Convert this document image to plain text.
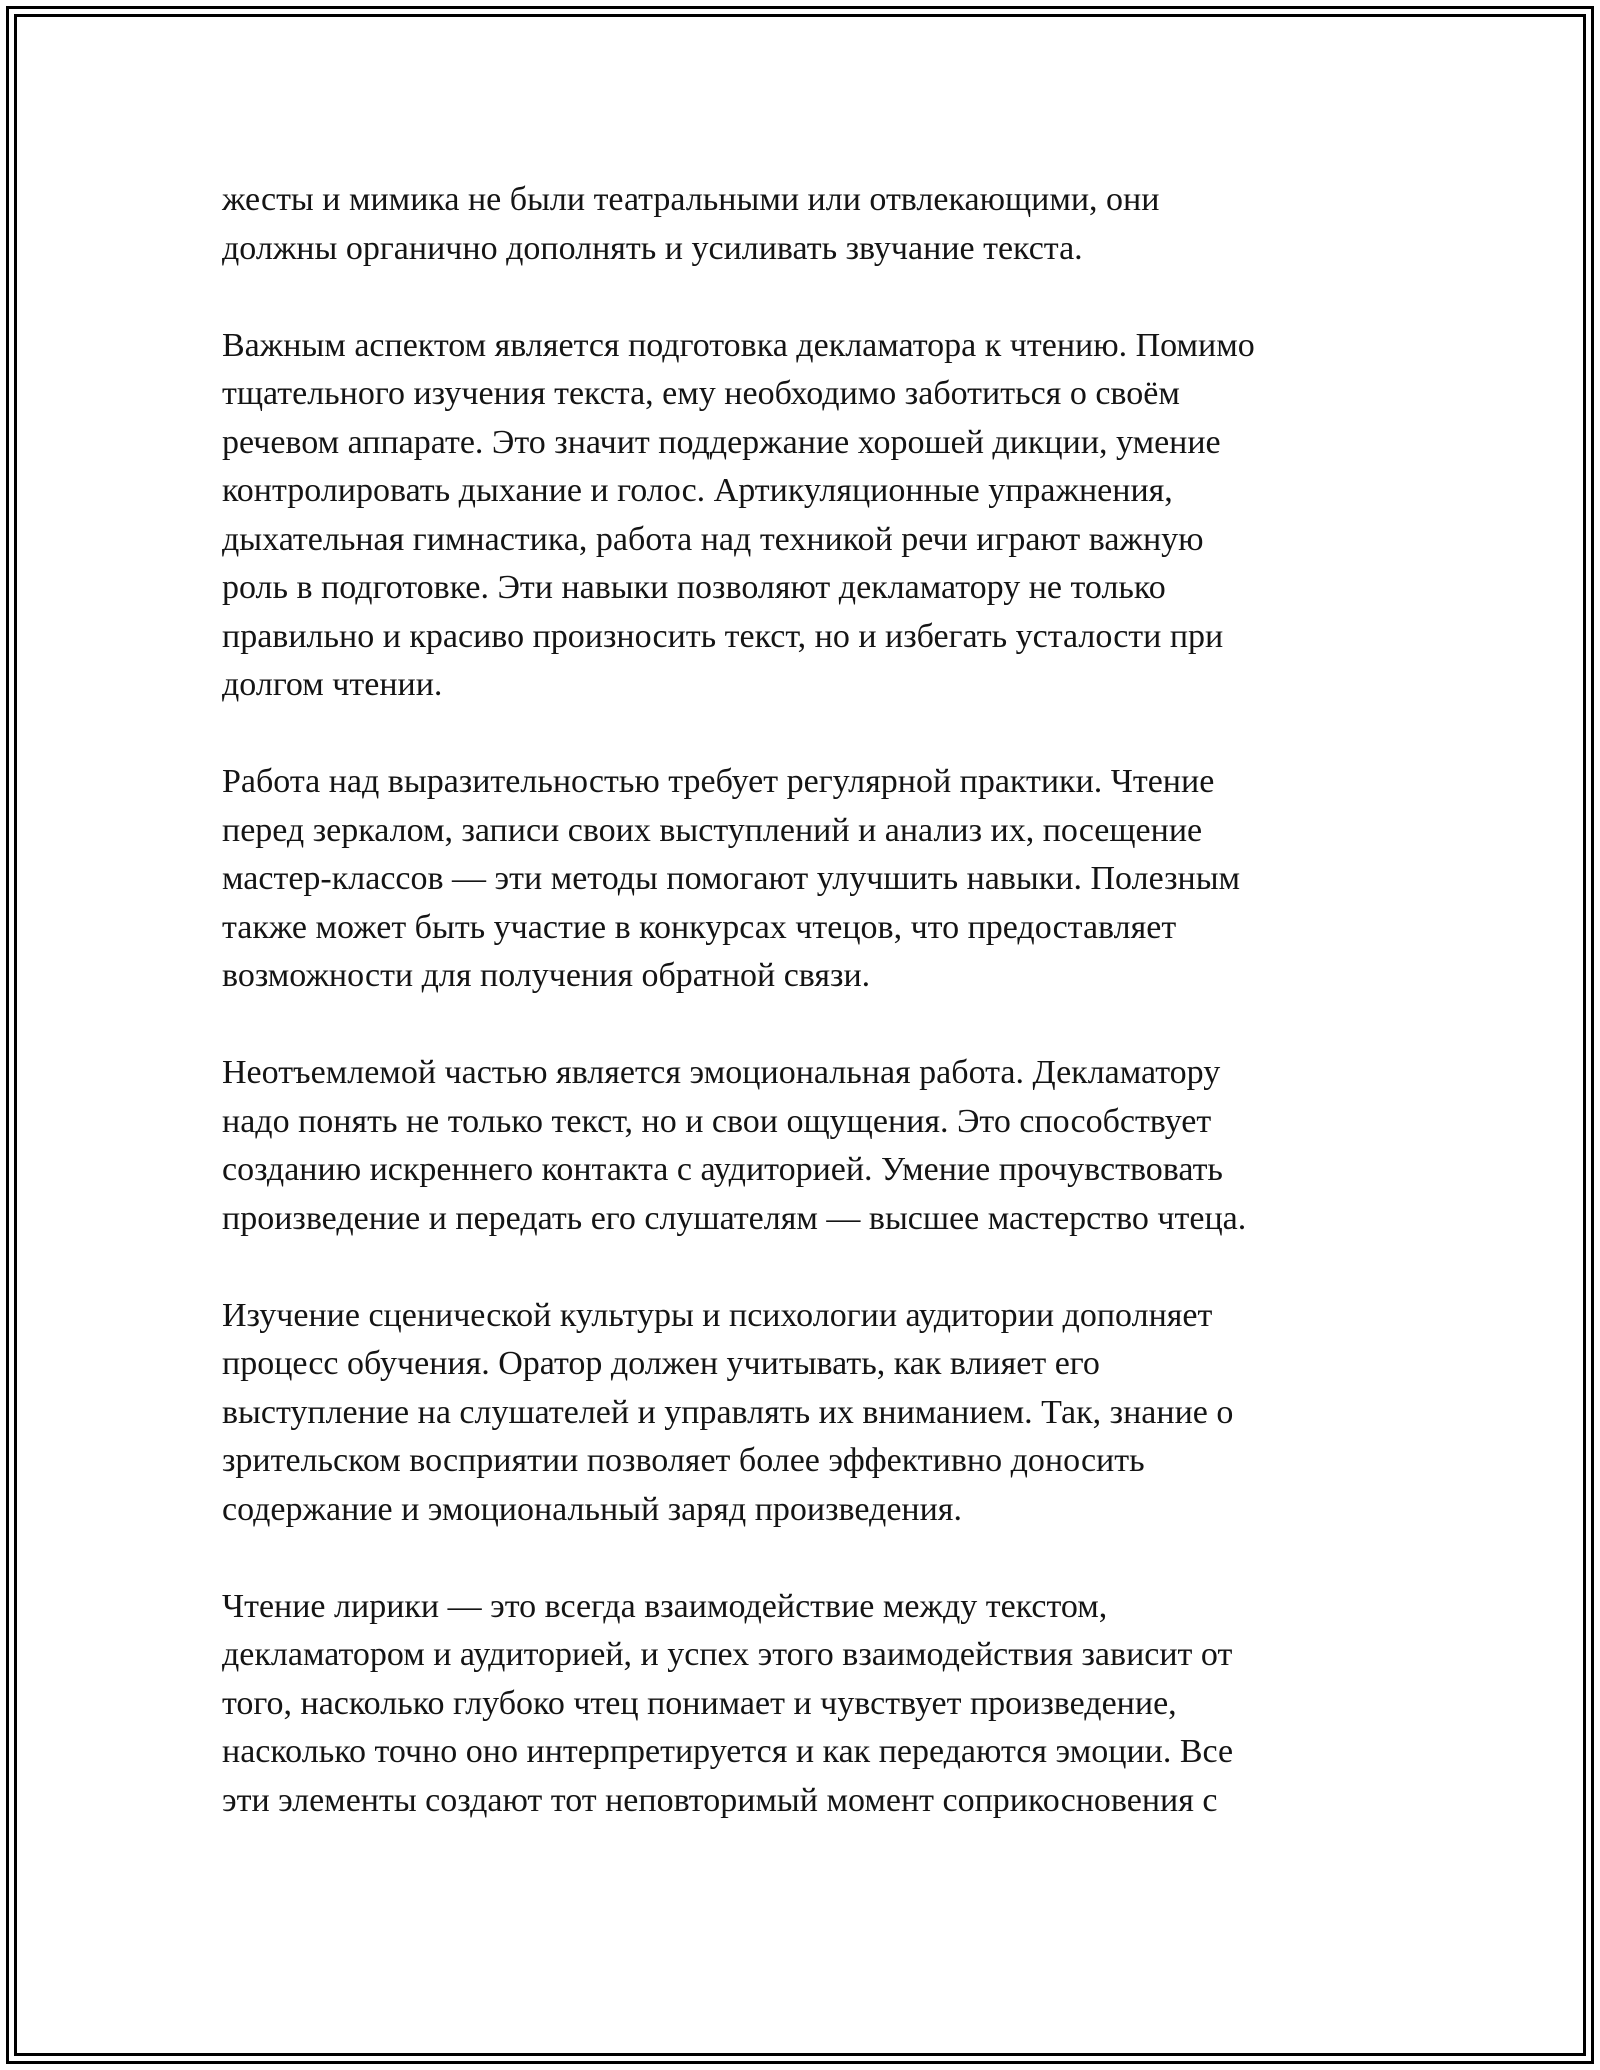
жесты и мимика не были театральными или отвлекающими, они
должны органично дополнять и усиливать звучание текста.

Важным аспектом является подготовка декламатора к чтению. Помимо
тщательного изучения текста, ему необходимо заботиться о своём
речевом аппарате. Это значит поддержание хорошей дикции, умение
контролировать дыхание и голос. Артикуляционные упражнения,
дыхательная гимнастика, работа над техникой речи играют важную
роль в подготовке. Эти навыки позволяют декламатору не только
правильно и красиво произносить текст, но и избегать усталости при
долгом чтении.

Работа над выразительностью требует регулярной практики. Чтение
перед зеркалом, записи своих выступлений и анализ их, посещение
мастер-классов — эти методы помогают улучшить навыки. Полезным
также может быть участие в конкурсах чтецов, что предоставляет
возможности для получения обратной связи.

Неотъемлемой частью является эмоциональная работа. Декламатору
надо понять не только текст, но и свои ощущения. Это способствует
созданию искреннего контакта с аудиторией. Умение прочувствовать
произведение и передать его слушателям — высшее мастерство чтеца.

Изучение сценической культуры и психологии аудитории дополняет
процесс обучения. Оратор должен учитывать, как влияет его
выступление на слушателей и управлять их вниманием. Так, знание о
зрительском восприятии позволяет более эффективно доносить
содержание и эмоциональный заряд произведения.

Чтение лирики — это всегда взаимодействие между текстом,
декламатором и аудиторией, и успех этого взаимодействия зависит от
того, насколько глубоко чтец понимает и чувствует произведение,
насколько точно оно интерпретируется и как передаются эмоции. Все
эти элементы создают тот неповторимый момент соприкосновения с
